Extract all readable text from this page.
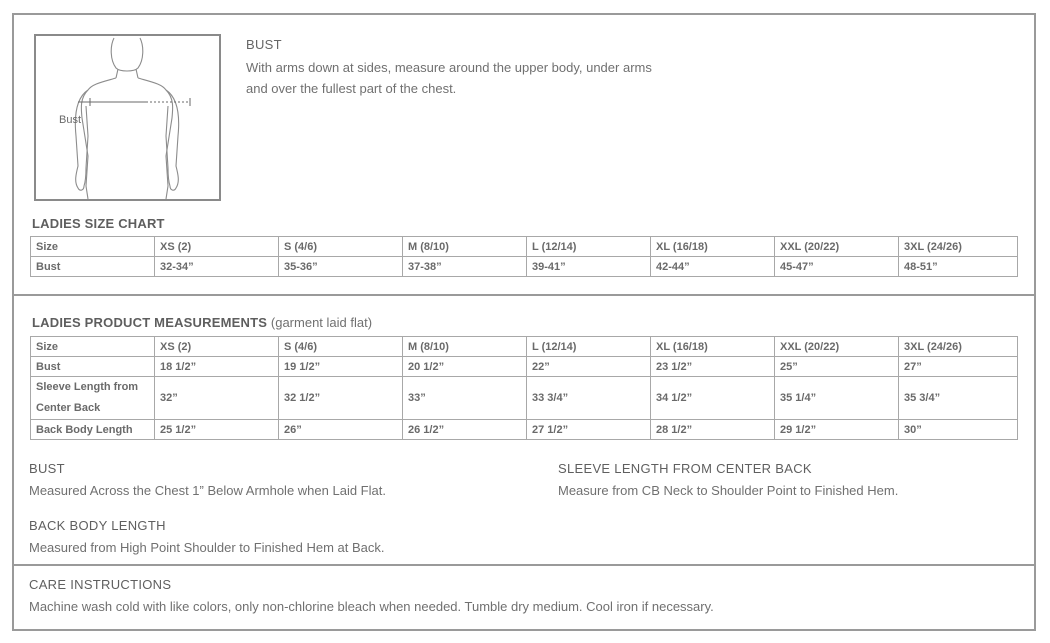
Bust
BUST
With arms down at sides, measure around the upper body, under arms and over the fullest part of the chest.
LADIES SIZE CHART
Size	XS (2)	S (4/6)	M (8/10)	L (12/14)	XL (16/18)	XXL (20/22)	3XL (24/26)
Bust	32-34”	35-36”	37-38”	39-41”	42-44”	45-47”	48-51”
LADIES PRODUCT MEASUREMENTS (garment laid flat)
Size	XS (2)	S (4/6)	M (8/10)	L (12/14)	XL (16/18)	XXL (20/22)	3XL (24/26)
Bust	18 1/2”	19 1/2”	20 1/2”	22”	23 1/2”	25”	27”
Sleeve Length from Center Back	32”	32 1/2”	33”	33 3/4”	34 1/2”	35 1/4”	35 3/4”
Back Body Length	25 1/2”	26”	26 1/2”	27 1/2”	28 1/2”	29 1/2”	30”
BUST
Measured Across the Chest 1” Below Armhole when Laid Flat.
SLEEVE LENGTH FROM CENTER BACK
Measure from CB Neck to Shoulder Point to Finished Hem.
BACK BODY LENGTH
Measured from High Point Shoulder to Finished Hem at Back.
CARE INSTRUCTIONS
Machine wash cold with like colors, only non-chlorine bleach when needed. Tumble dry medium. Cool iron if necessary.
